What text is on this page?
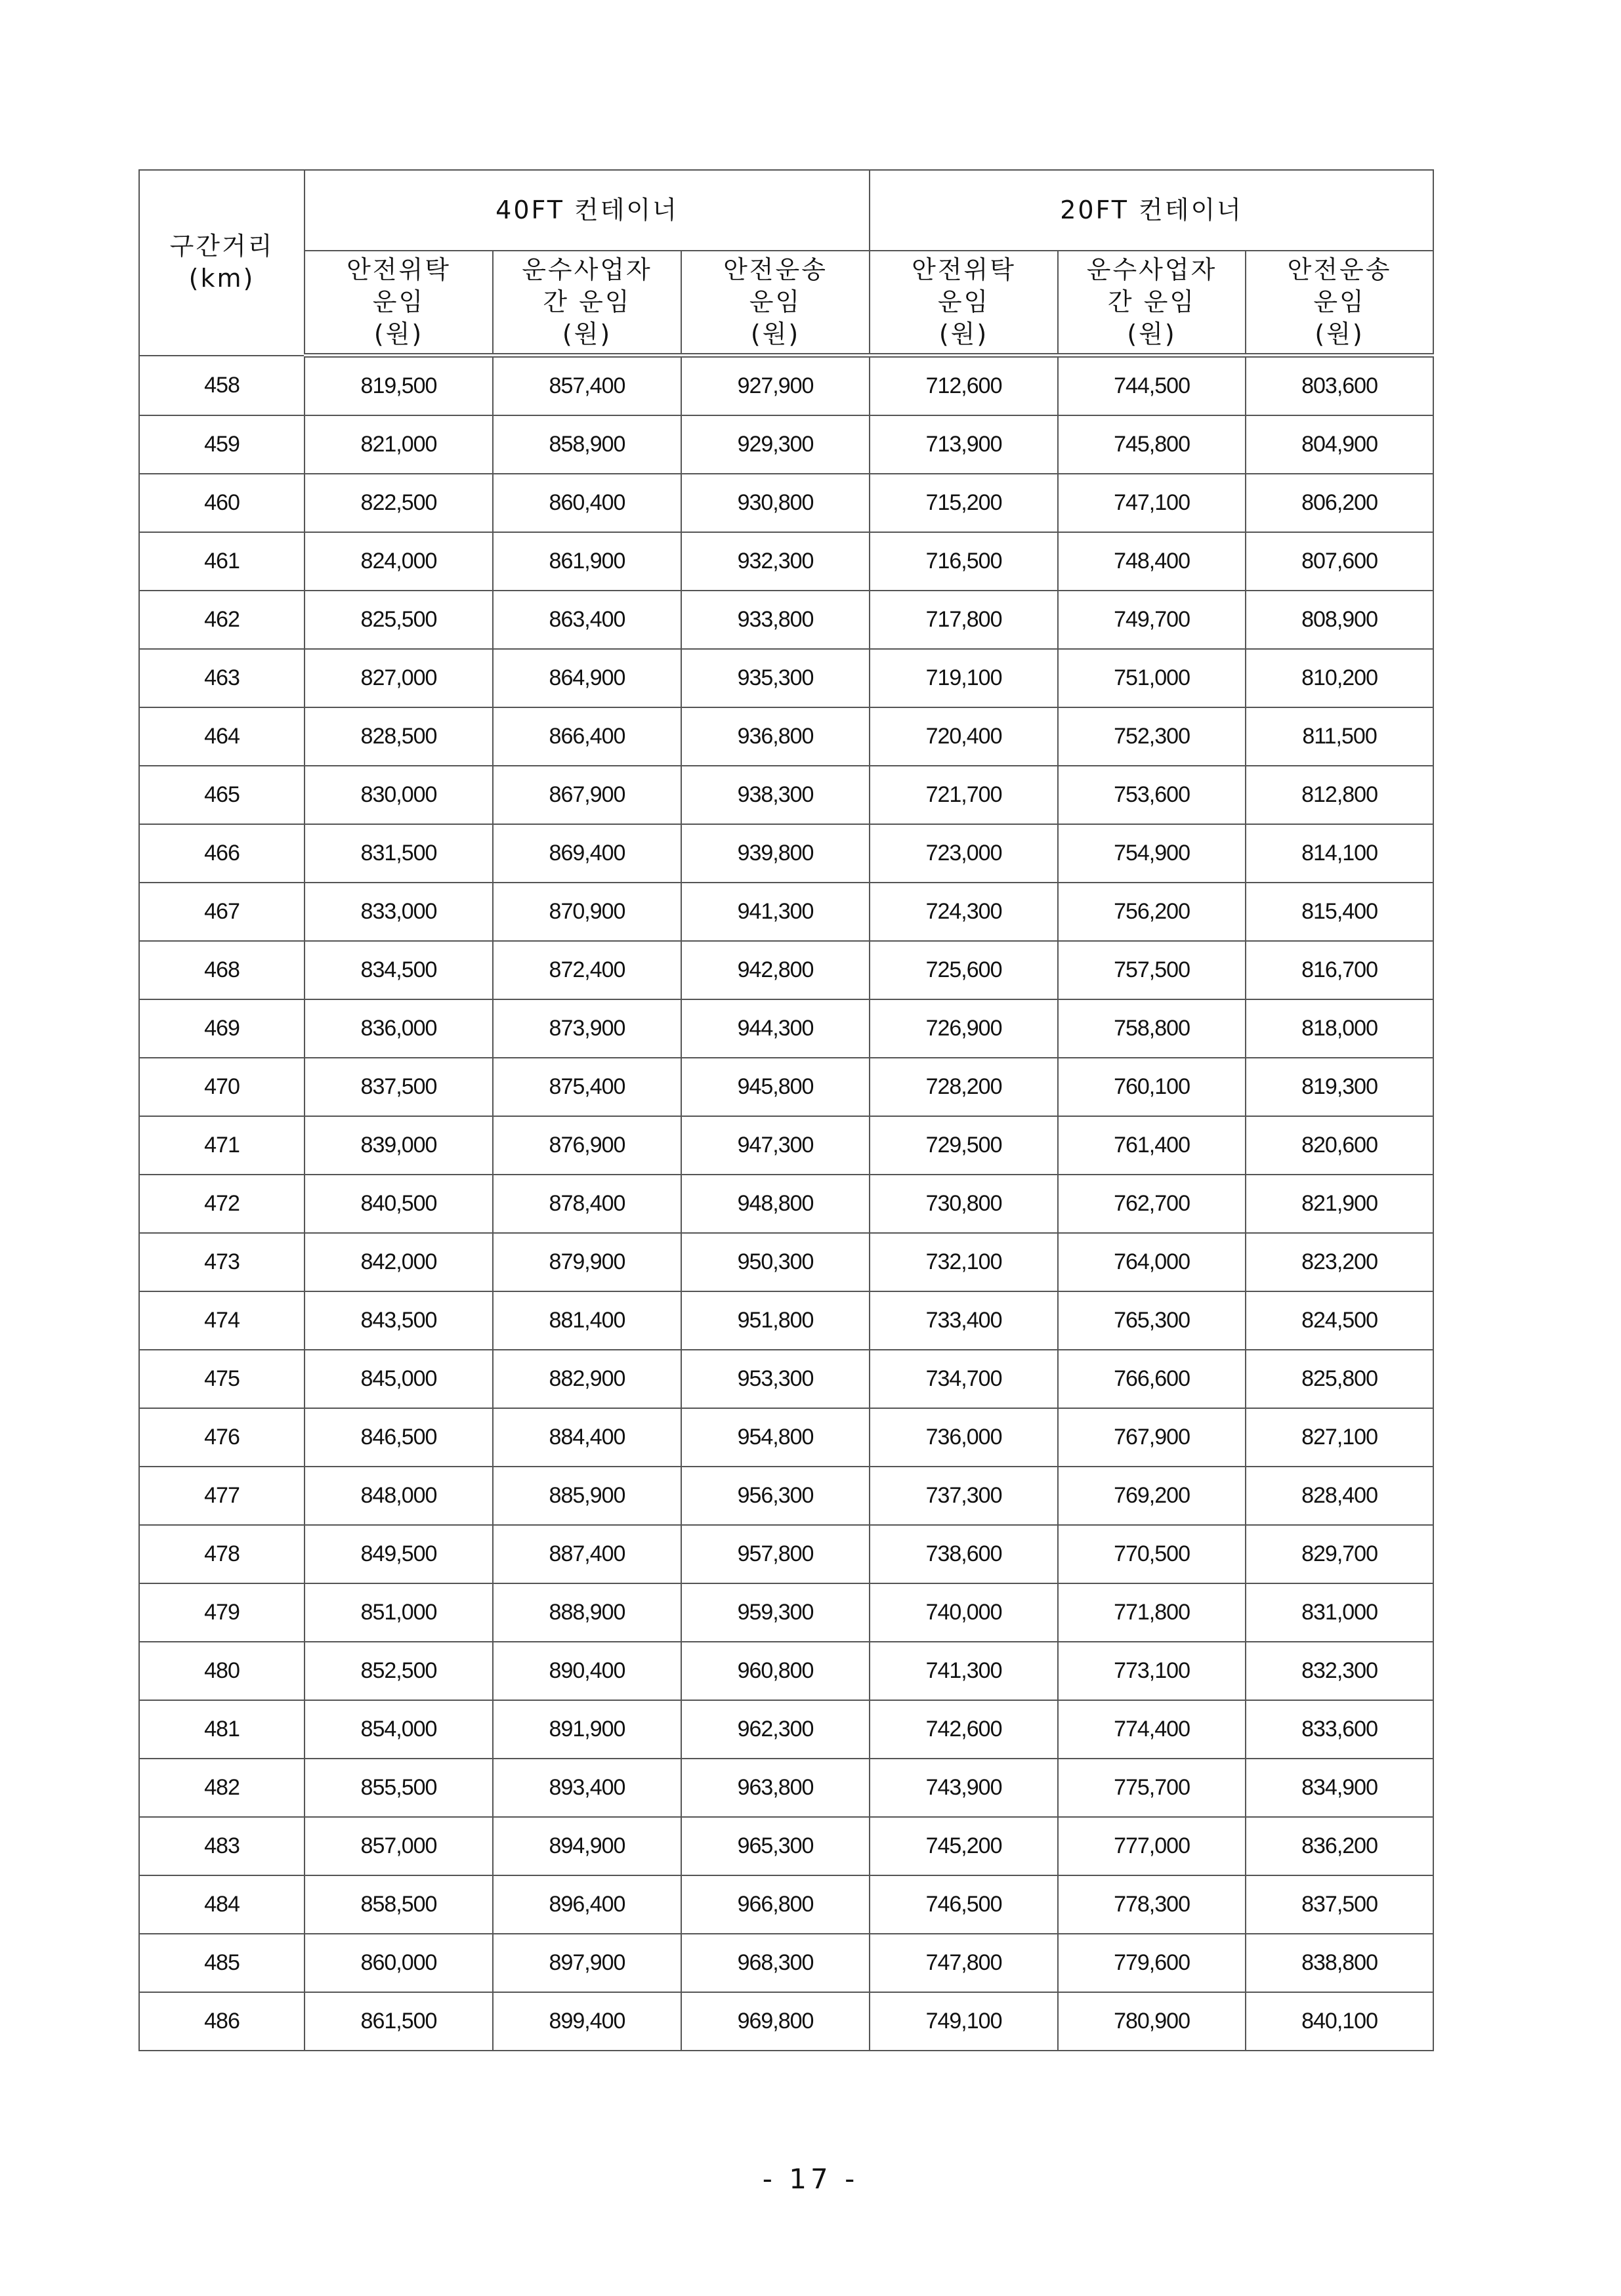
구간거리
(km)	40FT 컨테이너			20FT 컨테이너		

	안전위탁
운임
(원)	운수사업자
간 운임
(원)	안전운송
운임
(원)	안전위탁
운임
(원)	운수사업자
간 운임
(원)	안전운송
운임
(원)

458	819,500	857,400	927,900	712,600	744,500	803,600
459	821,000	858,900	929,300	713,900	745,800	804,900
460	822,500	860,400	930,800	715,200	747,100	806,200
461	824,000	861,900	932,300	716,500	748,400	807,600
462	825,500	863,400	933,800	717,800	749,700	808,900
463	827,000	864,900	935,300	719,100	751,000	810,200
464	828,500	866,400	936,800	720,400	752,300	811,500
465	830,000	867,900	938,300	721,700	753,600	812,800
466	831,500	869,400	939,800	723,000	754,900	814,100
467	833,000	870,900	941,300	724,300	756,200	815,400
468	834,500	872,400	942,800	725,600	757,500	816,700
469	836,000	873,900	944,300	726,900	758,800	818,000
470	837,500	875,400	945,800	728,200	760,100	819,300
471	839,000	876,900	947,300	729,500	761,400	820,600
472	840,500	878,400	948,800	730,800	762,700	821,900
473	842,000	879,900	950,300	732,100	764,000	823,200
474	843,500	881,400	951,800	733,400	765,300	824,500
475	845,000	882,900	953,300	734,700	766,600	825,800
476	846,500	884,400	954,800	736,000	767,900	827,100
477	848,000	885,900	956,300	737,300	769,200	828,400
478	849,500	887,400	957,800	738,600	770,500	829,700
479	851,000	888,900	959,300	740,000	771,800	831,000
480	852,500	890,400	960,800	741,300	773,100	832,300
481	854,000	891,900	962,300	742,600	774,400	833,600
482	855,500	893,400	963,800	743,900	775,700	834,900
483	857,000	894,900	965,300	745,200	777,000	836,200
484	858,500	896,400	966,800	746,500	778,300	837,500
485	860,000	897,900	968,300	747,800	779,600	838,800
486	861,500	899,400	969,800	749,100	780,900	840,100
- 17 -
